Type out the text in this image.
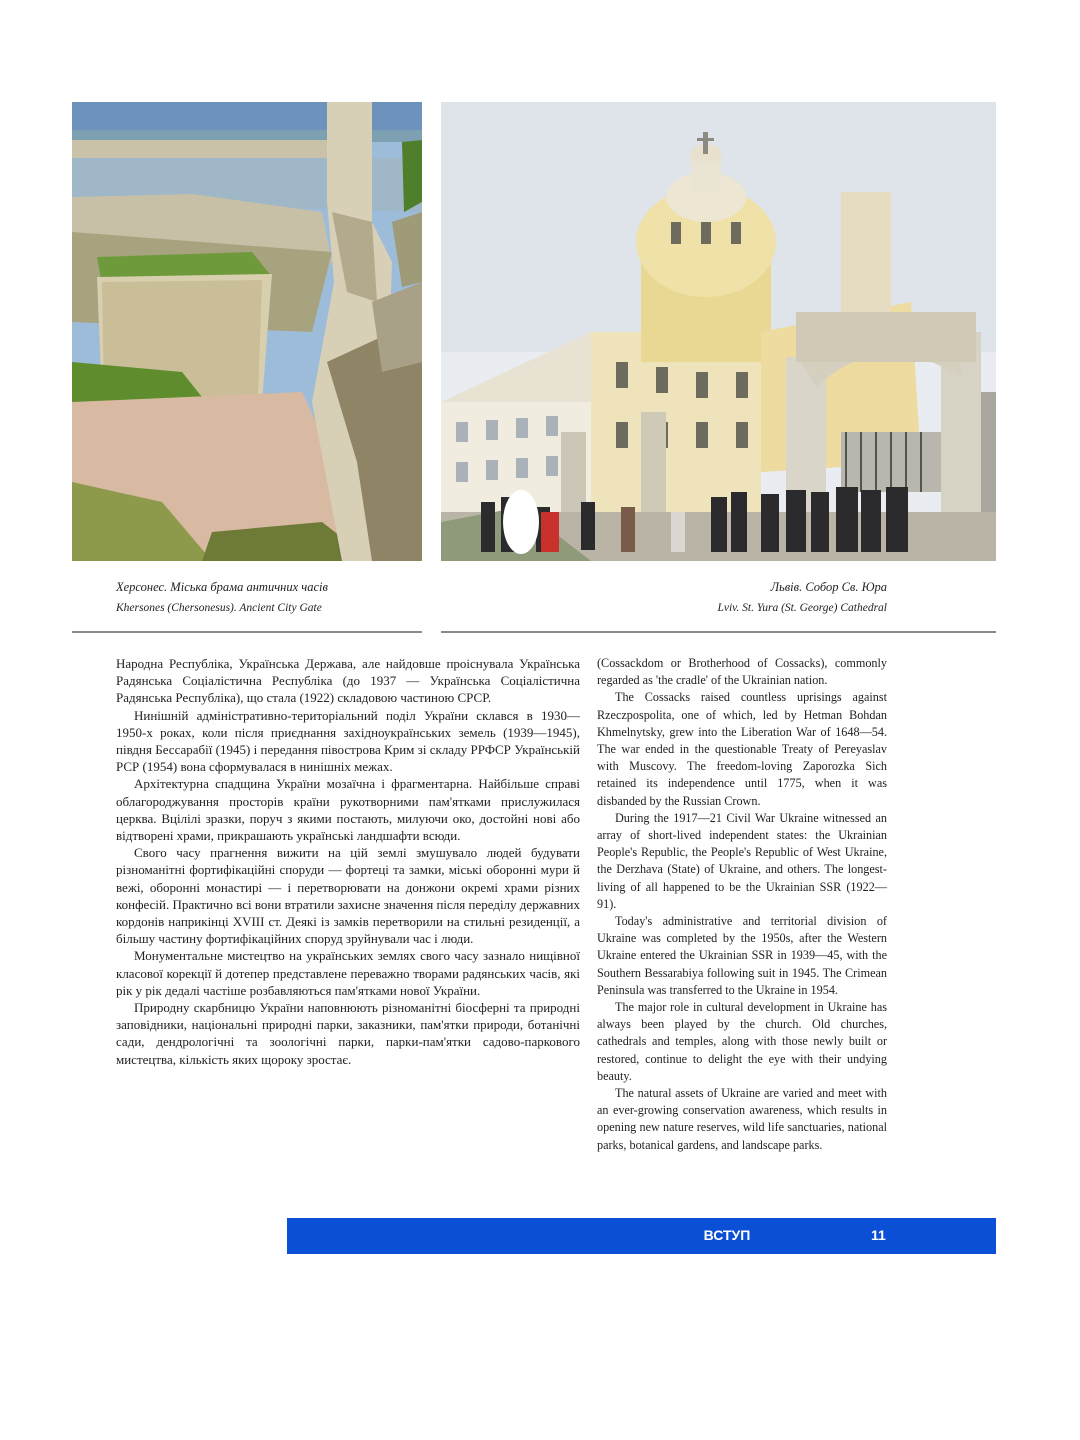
Херсонес. Міська брама античних часів
Khersones (Chersonesus). Ancient City Gate
Львів. Собор Св. Юра
Lviv. St. Yura (St. George) Cathedral

Народна Республіка, Українська Держава, але найдовше проіснувала Українська Радянська Соціалістична Республіка (до 1937 — Українська Соціалістична Радянська Республіка), що стала (1922) складовою частиною СРСР.

Нинішній адміністративно-територіальний поділ України склався в 1930—1950-х роках, коли після приєднання західноукраїнських земель (1939—1945), півдня Бессарабії (1945) і передання півострова Крим зі складу РРФСР Українській РСР (1954) вона сформувалася в нинішніх межах.

Архітектурна спадщина України мозаїчна і фрагментарна. Найбільше справі облагороджування просторів країни рукотворними пам'ятками прислужилася церква. Вцілілі зразки, поруч з якими постають, милуючи око, достойні нові або відтворені храми, прикрашають українські ландшафти всюди.

Свого часу прагнення вижити на цій землі змушувало людей будувати різноманітні фортифікаційні споруди — фортеці та замки, міські оборонні мури й вежі, оборонні монастирі — і перетворювати на донжони окремі храми різних конфесій. Практично всі вони втратили захисне значення після переділу державних кордонів наприкінці XVIII ст. Деякі із замків перетворили на стильні резиденції, а більшу частину фортифікаційних споруд зруйнували час і люди.

Монументальне мистецтво на українських землях свого часу зазнало нищівної класової корекції й дотепер представлене переважно творами радянських часів, які рік у рік дедалі частіше розбавляються пам'ятками нової України.

Природну скарбницю України наповнюють різноманітні біосферні та природні заповідники, національні природні парки, заказники, пам'ятки природи, ботанічні сади, дендрологічні та зоологічні парки, парки-пам'ятки садово-паркового мистецтва, кількість яких щороку зростає.

(Cossackdom or Brotherhood of Cossacks), commonly regarded as 'the cradle' of the Ukrainian nation.

The Cossacks raised countless uprisings against Rzeczpospolita, one of which, led by Hetman Bohdan Khmelnytsky, grew into the Liberation War of 1648—54. The war ended in the questionable Treaty of Pereyaslav with Muscovy. The freedom-loving Zaporozka Sich retained its independence until 1775, when it was disbanded by the Russian Crown.

During the 1917—21 Civil War Ukraine witnessed an array of short-lived independent states: the Ukrainian People's Republic, the People's Republic of West Ukraine, the Derzhava (State) of Ukraine, and others. The longest-living of all happened to be the Ukrainian SSR (1922—91).

Today's administrative and territorial division of Ukraine was completed by the 1950s, after the Western Ukraine entered the Ukrainian SSR in 1939—45, with the Southern Bessarabiya following suit in 1945. The Crimean Peninsula was transferred to the Ukraine in 1954.

The major role in cultural development in Ukraine has always been played by the church. Old churches, cathedrals and temples, along with those newly built or restored, continue to delight the eye with their undying beauty.

The natural assets of Ukraine are varied and meet with an ever-growing conservation awareness, which results in opening new nature reserves, wild life sanctuaries, national parks, botanical gardens, and landscape parks.

ВСТУП	11
